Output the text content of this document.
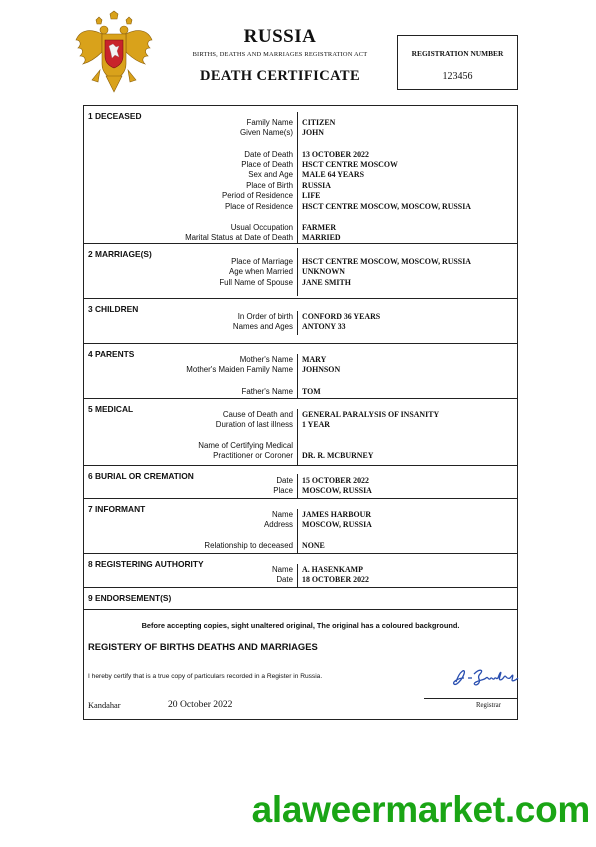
RUSSIA
BIRTHS, DEATHS AND MARRIAGES REGISTRATION ACT
DEATH CERTIFICATE
REGISTRATION NUMBER
123456
1 DECEASED
Family Name CITIZEN
Given Name(s) JOHN
Date of Death 13 OCTOBER 2022
Place of Death HSCT CENTRE MOSCOW
Sex and Age MALE 64 YEARS
Place of Birth RUSSIA
Period of Residence LIFE
Place of Residence HSCT CENTRE MOSCOW, MOSCOW, RUSSIA
Usual Occupation FARMER
Marital Status at Date of Death MARRIED
2 MARRIAGE(S)
Place of Marriage HSCT CENTRE MOSCOW, MOSCOW, RUSSIA
Age when Married UNKNOWN
Full Name of Spouse JANE SMITH
3 CHILDREN
In Order of birth CONFORD 36 YEARS
Names and Ages ANTONY 33
4 PARENTS
Mother's Name MARY
Mother's Maiden Family Name JOHNSON
Father's Name TOM
5 MEDICAL
Cause of Death and GENERAL PARALYSIS OF INSANITY
Duration of last illness 1 YEAR
Name of Certifying Medical
Practitioner or Coroner DR. R. MCBURNEY
6 BURIAL OR CREMATION	Date 15 OCTOBER 2022
Place MOSCOW, RUSSIA
7 INFORMANT
Name JAMES HARBOUR
Address MOSCOW, RUSSIA
Relationship to deceased NONE
8 REGISTERING AUTHORITY
Name A. HASENKAMP
Date 18 OCTOBER 2022
9 ENDORSEMENT(S)
Before accepting copies, sight unaltered original, The original has a coloured background.
REGISTERY OF BIRTHS DEATHS AND MARRIAGES
I hereby certify that is a true copy of particulars recorded in a Register in Russia.
Kandahar	20 October 2022	Registrar
alaweermarket.com
